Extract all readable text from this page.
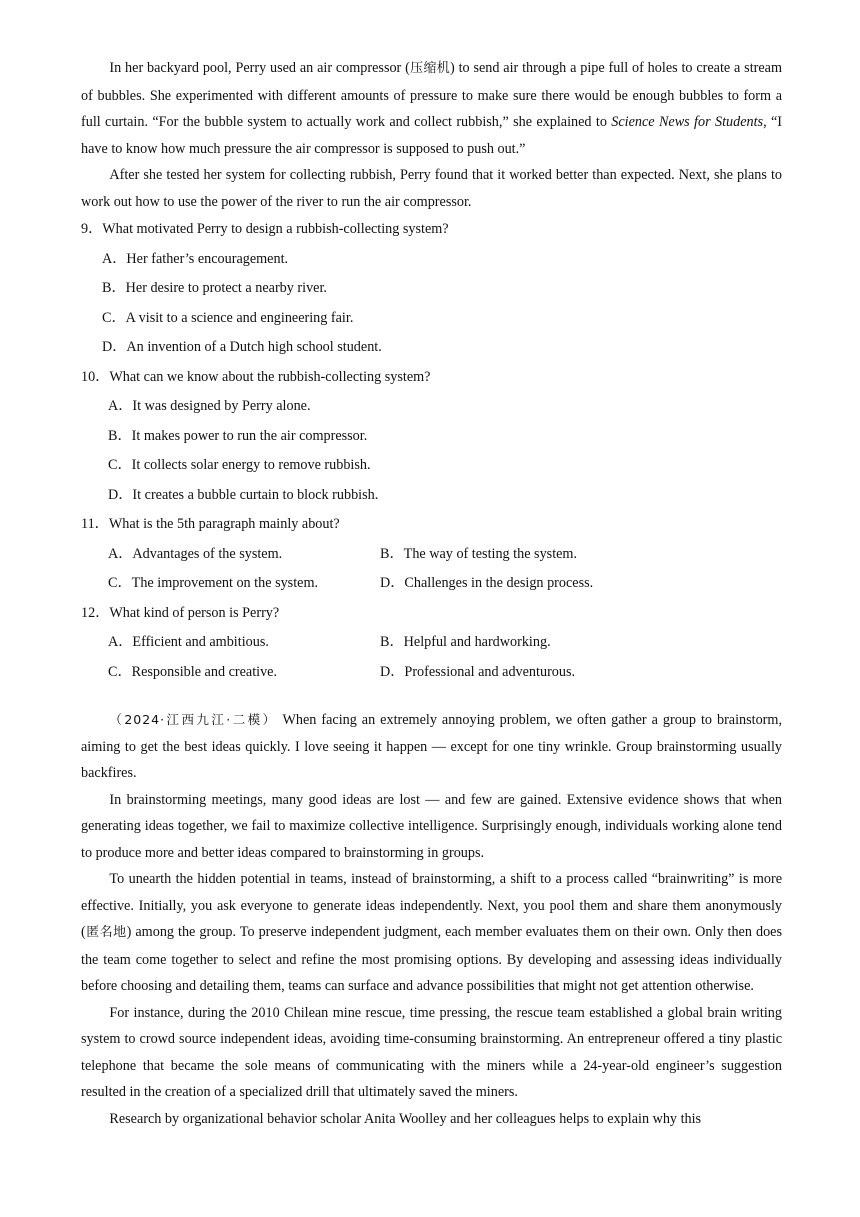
In her backyard pool, Perry used an air compressor (压缩机) to send air through a pipe full of holes to create a stream of bubbles. She experimented with different amounts of pressure to make sure there would be enough bubbles to form a full curtain. “For the bubble system to actually work and collect rubbish,” she explained to Science News for Students, “I have to know how much pressure the air compressor is supposed to push out.”

After she tested her system for collecting rubbish, Perry found that it worked better than expected. Next, she plans to work out how to use the power of the river to run the air compressor.

9．What motivated Perry to design a rubbish-collecting system?

A．Her father’s encouragement.

B．Her desire to protect a nearby river.

C．A visit to a science and engineering fair.

D．An invention of a Dutch high school student.

10．What can we know about the rubbish-collecting system?

A．It was designed by Perry alone.

B．It makes power to run the air compressor.

C．It collects solar energy to remove rubbish.

D．It creates a bubble curtain to block rubbish.

11．What is the 5th paragraph mainly about?

A．Advantages of the system.	B．The way of testing the system.
C．The improvement on the system.	D．Challenges in the design process.

12．What kind of person is Perry?

A．Efficient and ambitious.	B．Helpful and hardworking.
C．Responsible and creative.	D．Professional and adventurous.

（2024·江西九江·二模） When facing an extremely annoying problem, we often gather a group to brainstorm, aiming to get the best ideas quickly. I love seeing it happen — except for one tiny wrinkle. Group brainstorming usually backfires.

In brainstorming meetings, many good ideas are lost — and few are gained. Extensive evidence shows that when generating ideas together, we fail to maximize collective intelligence. Surprisingly enough, individuals working alone tend to produce more and better ideas compared to brainstorming in groups.

To unearth the hidden potential in teams, instead of brainstorming, a shift to a process called “brainwriting” is more effective. Initially, you ask everyone to generate ideas independently. Next, you pool them and share them anonymously (匿名地) among the group. To preserve independent judgment, each member evaluates them on their own. Only then does the team come together to select and refine the most promising options. By developing and assessing ideas individually before choosing and detailing them, teams can surface and advance possibilities that might not get attention otherwise.

For instance, during the 2010 Chilean mine rescue, time pressing, the rescue team established a global brain writing system to crowd source independent ideas, avoiding time-consuming brainstorming. An entrepreneur offered a tiny plastic telephone that became the sole means of communicating with the miners while a 24-year-old engineer’s suggestion resulted in the creation of a specialized drill that ultimately saved the miners.

Research by organizational behavior scholar Anita Woolley and her colleagues helps to explain why this
